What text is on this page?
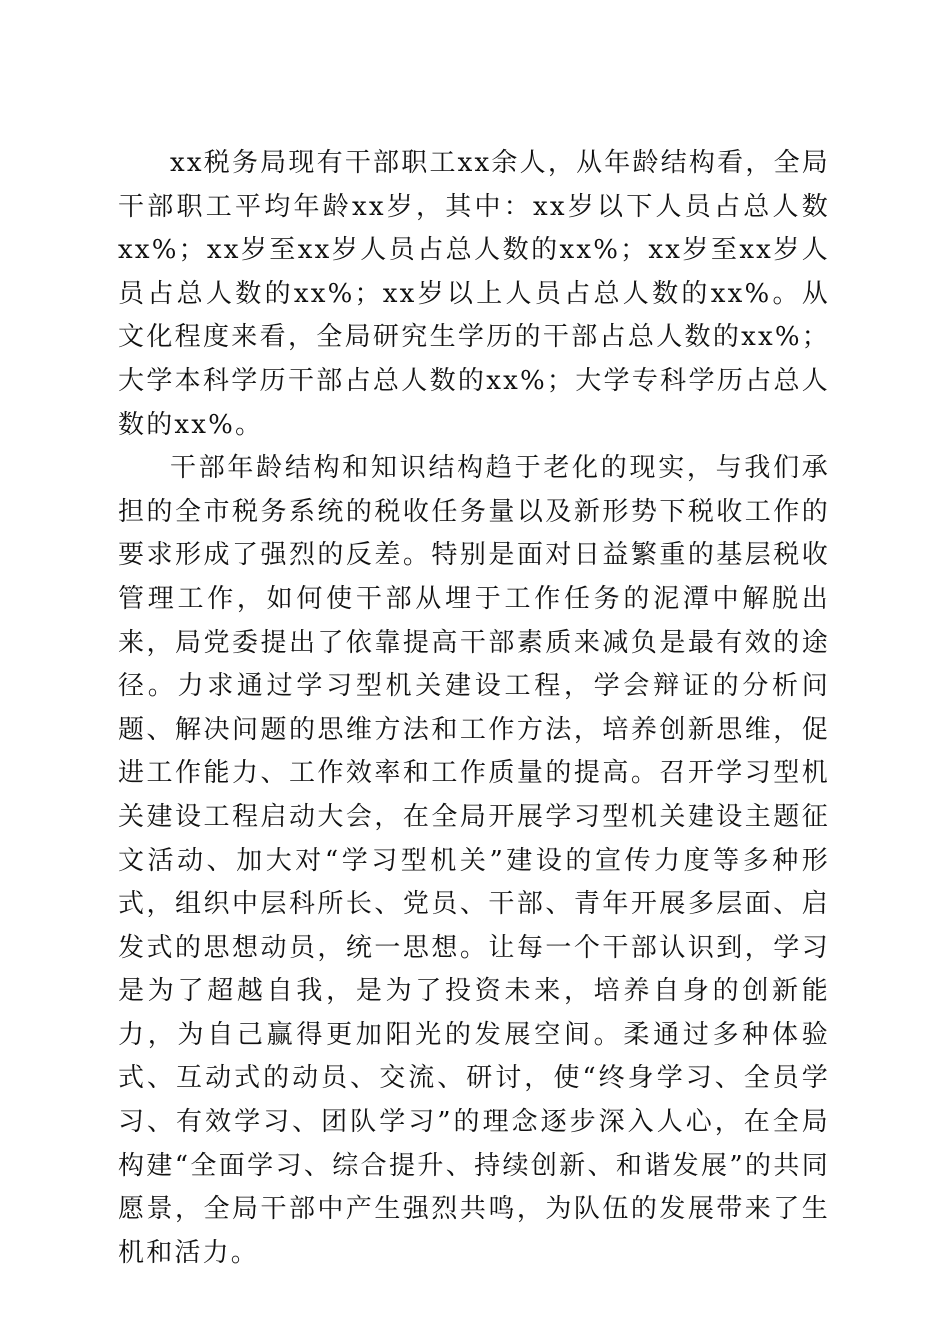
xx税务局现有干部职工xx余人，从年龄结构看，全局干部职工平均年龄xx岁，其中：xx岁以下人员占总人数xx%；xx岁至xx岁人员占总人数的xx%；xx岁至xx岁人员占总人数的xx%；xx岁以上人员占总人数的xx%。从文化程度来看，全局研究生学历的干部占总人数的xx%；大学本科学历干部占总人数的xx%；大学专科学历占总人数的xx%。

干部年龄结构和知识结构趋于老化的现实，与我们承担的全市税务系统的税收任务量以及新形势下税收工作的要求形成了强烈的反差。特别是面对日益繁重的基层税收管理工作，如何使干部从埋于工作任务的泥潭中解脱出来，局党委提出了依靠提高干部素质来减负是最有效的途径。力求通过学习型机关建设工程，学会辩证的分析问题、解决问题的思维方法和工作方法，培养创新思维，促进工作能力、工作效率和工作质量的提高。召开学习型机关建设工程启动大会，在全局开展学习型机关建设主题征文活动、加大对“学习型机关”建设的宣传力度等多种形式，组织中层科所长、党员、干部、青年开展多层面、启发式的思想动员，统一思想。让每一个干部认识到，学习是为了超越自我，是为了投资未来，培养自身的创新能力，为自己赢得更加阳光的发展空间。柔通过多种体验式、互动式的动员、交流、研讨，使“终身学习、全员学习、有效学习、团队学习”的理念逐步深入人心，在全局构建“全面学习、综合提升、持续创新、和谐发展”的共同愿景，全局干部中产生强烈共鸣，为队伍的发展带来了生机和活力。
